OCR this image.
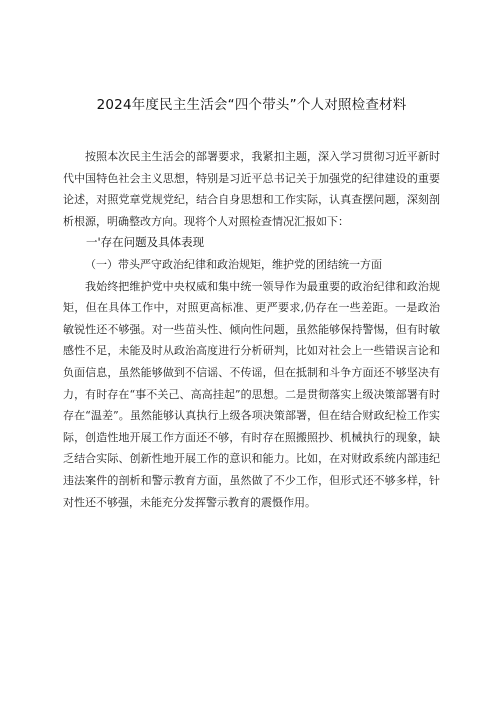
2024年度民主生活会“四个带头”个人对照检查材料

按照本次民主生活会的部署要求，我紧扣主题，深入学习贯彻习近平新时代中国特色社会主义思想，特别是习近平总书记关于加强党的纪律建设的重要论述，对照党章党规党纪，结合自身思想和工作实际，认真查摆问题，深刻剖析根源，明确整改方向。现将个人对照检查情况汇报如下：

一'存在问题及具体表现

（一）带头严守政治纪律和政治规矩，维护党的团结统一方面

我始终把维护党中央权威和集中统一领导作为最重要的政治纪律和政治规矩，但在具体工作中，对照更高标准、更严要求,仍存在一些差距。一是政治敏锐性还不够强。对一些苗头性、倾向性问题，虽然能够保持警惕，但有时敏感性不足，未能及时从政治高度进行分析研判，比如对社会上一些错误言论和负面信息，虽然能够做到不信谣、不传谣，但在抵制和斗争方面还不够坚决有力，有时存在“事不关己、高高挂起”的思想。二是贯彻落实上级决策部署有时存在“温差”。虽然能够认真执行上级各项决策部署，但在结合财政纪检工作实际，创造性地开展工作方面还不够，有时存在照搬照抄、机械执行的现象，缺乏结合实际、创新性地开展工作的意识和能力。比如，在对财政系统内部违纪违法案件的剖析和警示教育方面，虽然做了不少工作，但形式还不够多样，针对性还不够强，未能充分发挥警示教育的震慑作用。
